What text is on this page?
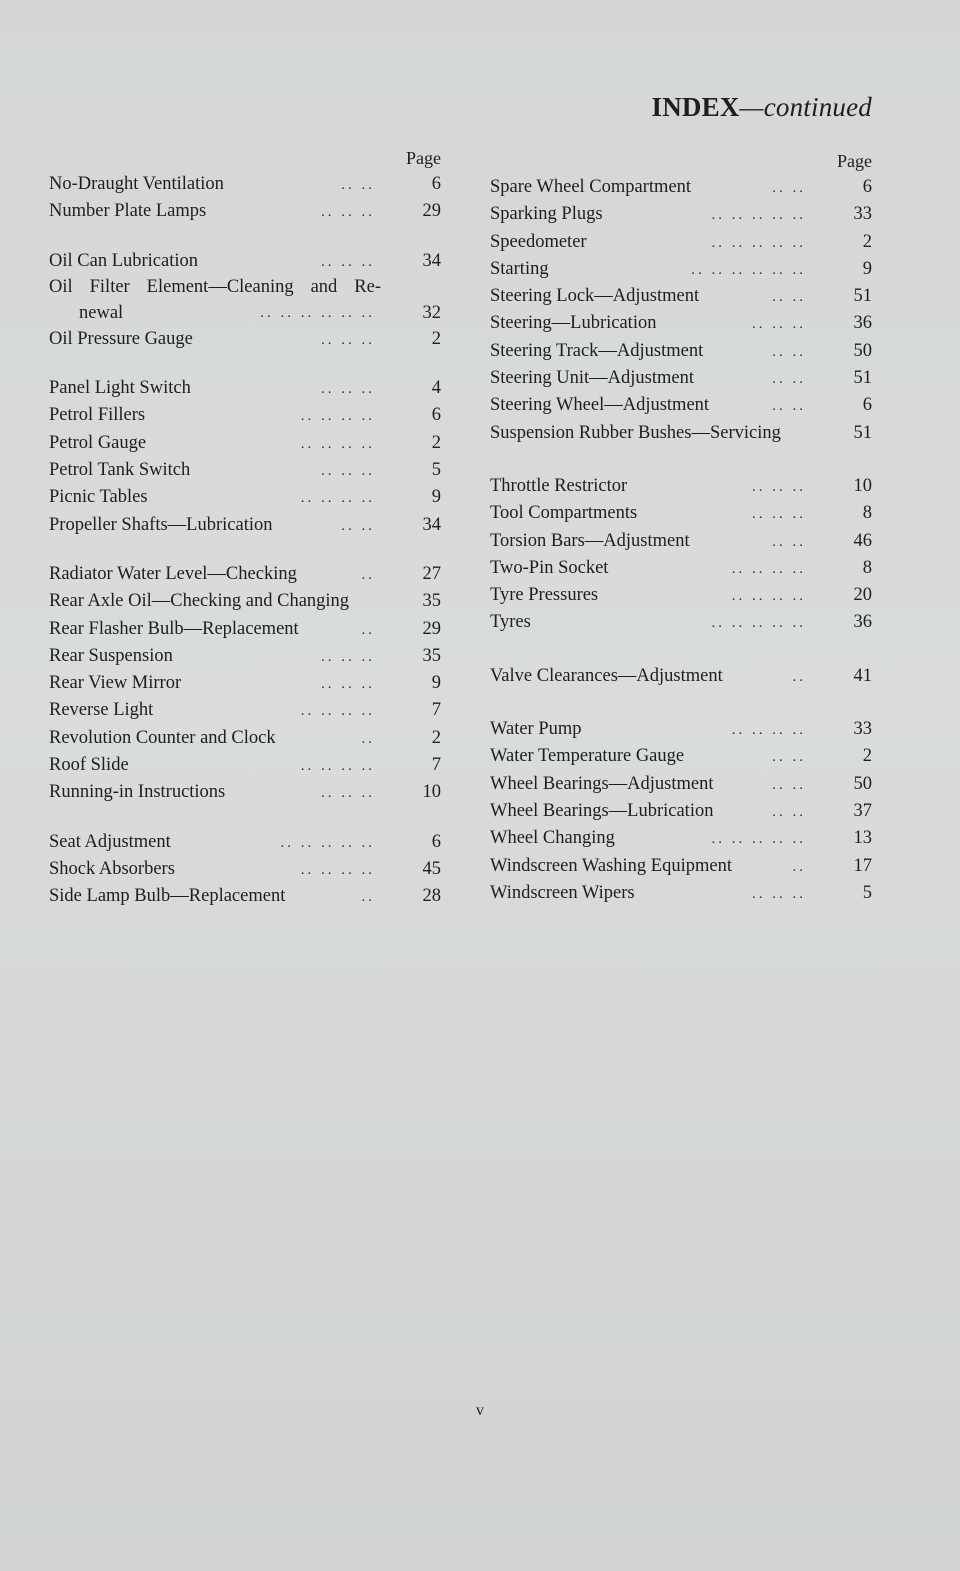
INDEX—continued
Page
No-Draught Ventilation	.. ..	6
Number Plate Lamps	.. .. ..	29
Oil Can Lubrication	.. .. ..	34
Oil Filter Element—Cleaning and Re-
newal	.. .. .. .. .. ..	32
Oil Pressure Gauge	.. .. ..	2
Panel Light Switch	.. .. ..	4
Petrol Fillers	.. .. .. ..	6
Petrol Gauge	.. .. .. ..	2
Petrol Tank Switch	.. .. ..	5
Picnic Tables	.. .. .. ..	9
Propeller Shafts—Lubrication	.. ..	34
Radiator Water Level—Checking	..	27
Rear Axle Oil—Checking and Changing	35
Rear Flasher Bulb—Replacement	..	29
Rear Suspension	.. .. ..	35
Rear View Mirror	.. .. ..	9
Reverse Light	.. .. .. ..	7
Revolution Counter and Clock	..	2
Roof Slide	.. .. .. ..	7
Running-in Instructions	.. .. ..	10
Seat Adjustment	.. .. .. .. ..	6
Shock Absorbers	.. .. .. ..	45
Side Lamp Bulb—Replacement	..	28
Page
Spare Wheel Compartment	.. ..	6
Sparking Plugs	.. .. .. .. ..	33
Speedometer	.. .. .. .. ..	2
Starting	.. .. .. .. .. ..	9
Steering Lock—Adjustment	.. ..	51
Steering—Lubrication	.. .. ..	36
Steering Track—Adjustment	.. ..	50
Steering Unit—Adjustment	.. ..	51
Steering Wheel—Adjustment	.. ..	6
Suspension Rubber Bushes—Servicing	51
Throttle Restrictor	.. .. ..	10
Tool Compartments	.. .. ..	8
Torsion Bars—Adjustment	.. ..	46
Two-Pin Socket	.. .. .. ..	8
Tyre Pressures	.. .. .. ..	20
Tyres	.. .. .. .. ..	36
Valve Clearances—Adjustment	..	41
Water Pump	.. .. .. ..	33
Water Temperature Gauge	.. ..	2
Wheel Bearings—Adjustment	.. ..	50
Wheel Bearings—Lubrication	.. ..	37
Wheel Changing	.. .. .. .. ..	13
Windscreen Washing Equipment	..	17
Windscreen Wipers	.. .. ..	5
v
